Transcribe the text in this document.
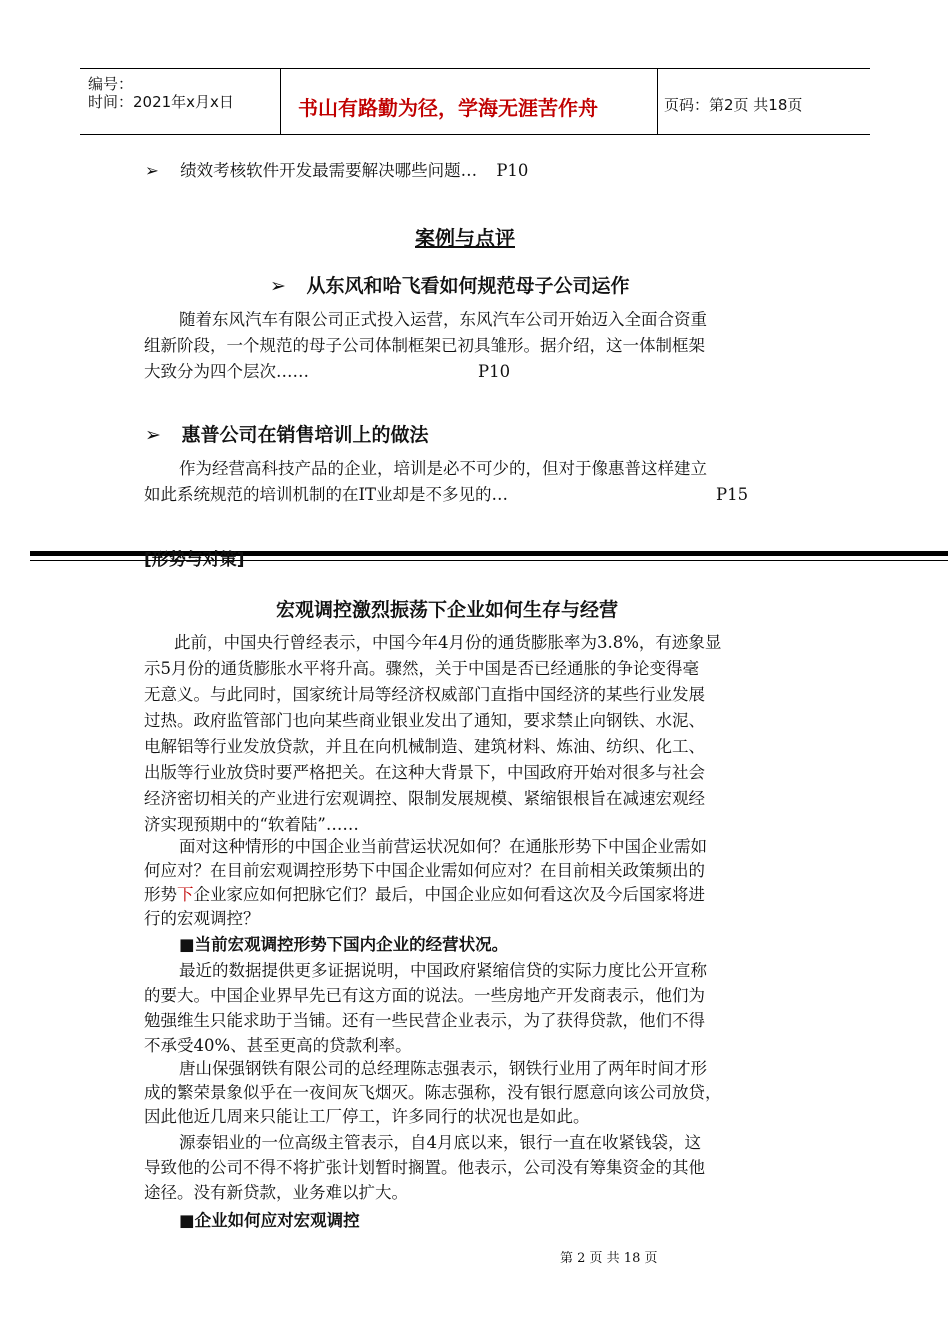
编号：
时间：2021年x月x日	书山有路勤为径，学海无涯苦作舟	页码：第2页 共18页
➢ 绩效考核软件开发最需要解决哪些问题… P10
案例与点评
➢ 从东风和哈飞看如何规范母子公司运作
随着东风汽车有限公司正式投入运营，东风汽车公司开始迈入全面合资重
组新阶段，一个规范的母子公司体制框架已初具雏形。据介绍，这一体制框架
大致分为四个层次……	P10
➢ 惠普公司在销售培训上的做法
作为经营高科技产品的企业，培训是必不可少的，但对于像惠普这样建立
如此系统规范的培训机制的在IT业却是不多见的…	P15
[形势与对策]
宏观调控激烈振荡下企业如何生存与经营
此前，中国央行曾经表示，中国今年4月份的通货膨胀率为3.8%，有迹象显
示5月份的通货膨胀水平将升高。骤然，关于中国是否已经通胀的争论变得毫
无意义。与此同时，国家统计局等经济权威部门直指中国经济的某些行业发展
过热。政府监管部门也向某些商业银业发出了通知，要求禁止向钢铁、水泥、
电解铝等行业发放贷款，并且在向机械制造、建筑材料、炼油、纺织、化工、
出版等行业放贷时要严格把关。在这种大背景下，中国政府开始对很多与社会
经济密切相关的产业进行宏观调控、限制发展规模、紧缩银根旨在减速宏观经
济实现预期中的“软着陆”……
面对这种情形的中国企业当前营运状况如何？在通胀形势下中国企业需如
何应对？在目前宏观调控形势下中国企业需如何应对？在目前相关政策频出的
形势下企业家应如何把脉它们？最后，中国企业应如何看这次及今后国家将进
行的宏观调控？
■当前宏观调控形势下国内企业的经营状况。
最近的数据提供更多证据说明，中国政府紧缩信贷的实际力度比公开宣称
的要大。中国企业界早先已有这方面的说法。一些房地产开发商表示，他们为
勉强维生只能求助于当铺。还有一些民营企业表示，为了获得贷款，他们不得
不承受40%、甚至更高的贷款利率。
唐山保强钢铁有限公司的总经理陈志强表示，钢铁行业用了两年时间才形
成的繁荣景象似乎在一夜间灰飞烟灭。陈志强称，没有银行愿意向该公司放贷，
因此他近几周来只能让工厂停工，许多同行的状况也是如此。
源泰铝业的一位高级主管表示，自4月底以来，银行一直在收紧钱袋，这
导致他的公司不得不将扩张计划暂时搁置。他表示，公司没有筹集资金的其他
途径。没有新贷款，业务难以扩大。
■企业如何应对宏观调控
第 2 页 共 18 页
